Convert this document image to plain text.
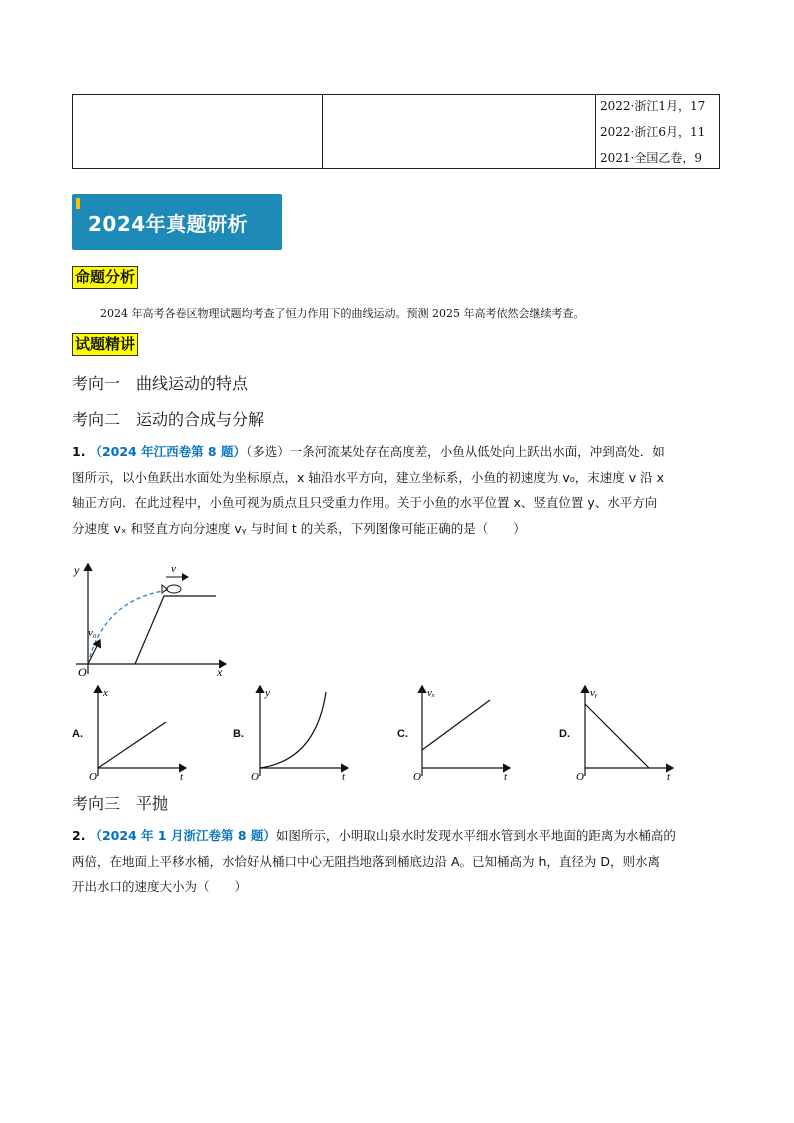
2022·浙江1月，17
2022·浙江6月，11
2021·全国乙卷，9
2024年真题研析
命题分析
2024 年高考各卷区物理试题均考查了恒力作用下的曲线运动。预测 2025 年高考依然会继续考查。
试题精讲
考向一 曲线运动的特点
考向二 运动的合成与分解
1. （2024 年江西卷第 8 题）（多选）一条河流某处存在高度差，小鱼从低处向上跃出水面，冲到高处．如
图所示，以小鱼跃出水面处为坐标原点，x 轴沿水平方向，建立坐标系，小鱼的初速度为 v₀，末速度 v 沿 x
轴正方向．在此过程中，小鱼可视为质点且只受重力作用。关于小鱼的水平位置 x、竖直位置 y、水平方向
分速度 vₓ 和竖直方向分速度 vᵧ 与时间 t 的关系，下列图像可能正确的是（　　）
v
v₀
y
x
O
A.
x
t
O
B.
y
t
O
C.
vₓ
t
O
D.
vᵧ
t
O
考向三 平抛
2. （2024 年 1 月浙江卷第 8 题）如图所示，小明取山泉水时发现水平细水管到水平地面的距离为水桶高的
两倍，在地面上平移水桶，水恰好从桶口中心无阻挡地落到桶底边沿 A。已知桶高为 h，直径为 D，则水离
开出水口的速度大小为（　　）
